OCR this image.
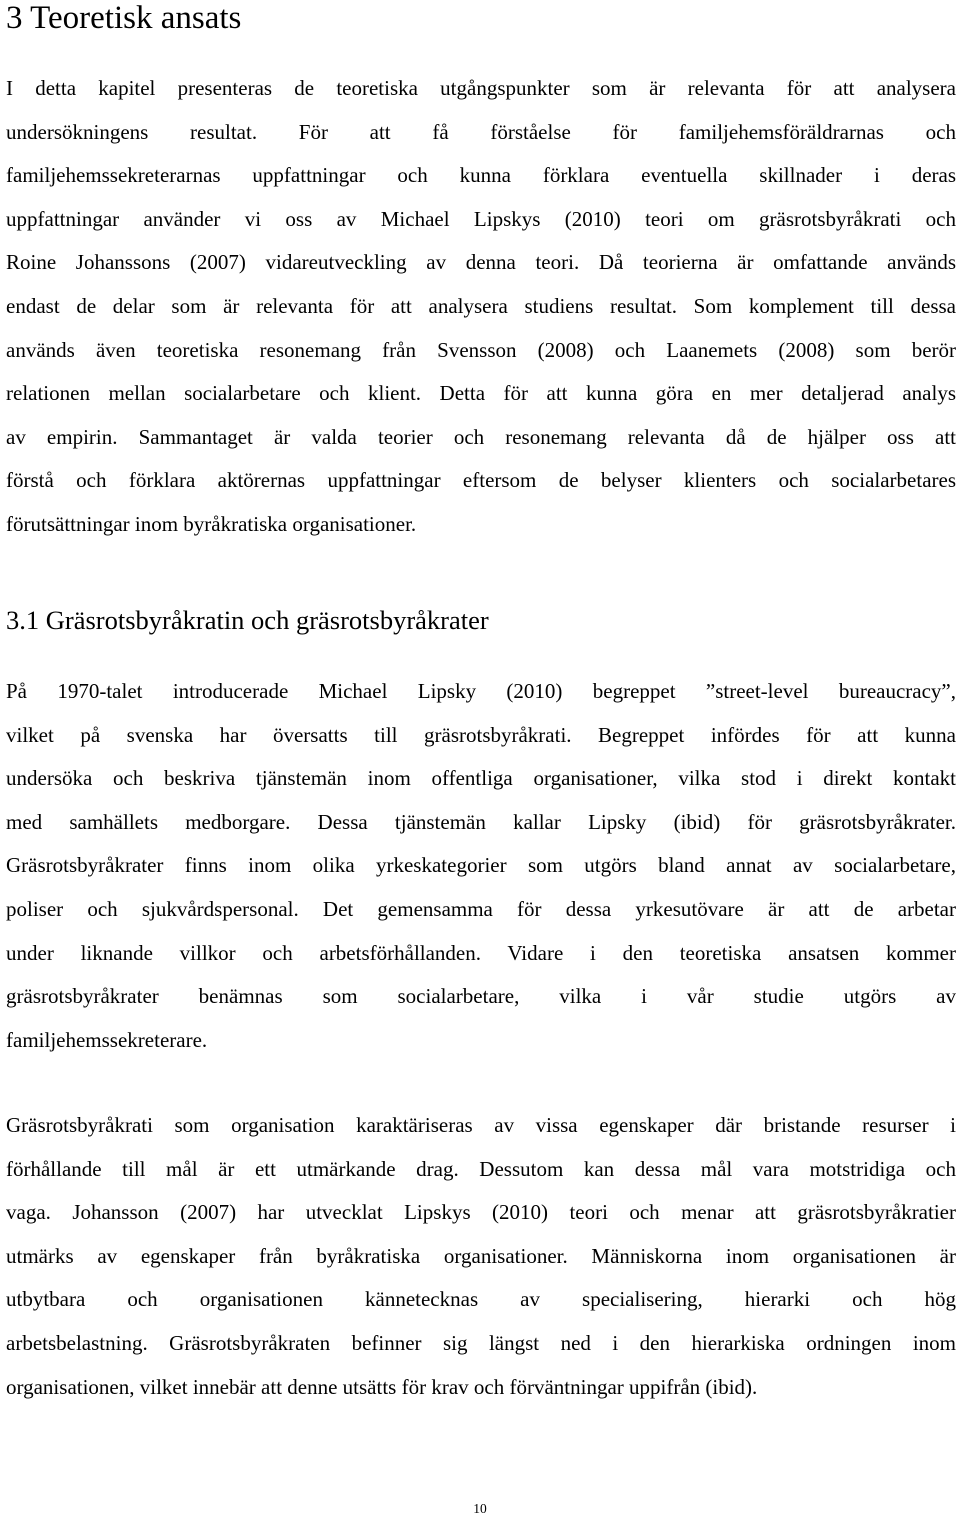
3 Teoretisk ansats
I detta kapitel presenteras de teoretiska utgångspunkter som är relevanta för att analysera
undersökningens resultat. För att få förståelse för familjehemsföräldrarnas och
familjehemssekreterarnas uppfattningar och kunna förklara eventuella skillnader i deras
uppfattningar använder vi oss av Michael Lipskys (2010) teori om gräsrotsbyråkrati och
Roine Johanssons (2007) vidareutveckling av denna teori. Då teorierna är omfattande används
endast de delar som är relevanta för att analysera studiens resultat. Som komplement till dessa
används även teoretiska resonemang från Svensson (2008) och Laanemets (2008) som berör
relationen mellan socialarbetare och klient. Detta för att kunna göra en mer detaljerad analys
av empirin. Sammantaget är valda teorier och resonemang relevanta då de hjälper oss att
förstå och förklara aktörernas uppfattningar eftersom de belyser klienters och socialarbetares
förutsättningar inom byråkratiska organisationer.
3.1 Gräsrotsbyråkratin och gräsrotsbyråkrater
På 1970-talet introducerade Michael Lipsky (2010) begreppet ”street-level bureaucracy”,
vilket på svenska har översatts till gräsrotsbyråkrati. Begreppet infördes för att kunna
undersöka och beskriva tjänstemän inom offentliga organisationer, vilka stod i direkt kontakt
med samhällets medborgare. Dessa tjänstemän kallar Lipsky (ibid) för gräsrotsbyråkrater.
Gräsrotsbyråkrater finns inom olika yrkeskategorier som utgörs bland annat av socialarbetare,
poliser och sjukvårdspersonal. Det gemensamma för dessa yrkesutövare är att de arbetar
under liknande villkor och arbetsförhållanden. Vidare i den teoretiska ansatsen kommer
gräsrotsbyråkrater benämnas som socialarbetare, vilka i vår studie utgörs av
familjehemssekreterare.
Gräsrotsbyråkrati som organisation karaktäriseras av vissa egenskaper där bristande resurser i
förhållande till mål är ett utmärkande drag. Dessutom kan dessa mål vara motstridiga och
vaga. Johansson (2007) har utvecklat Lipskys (2010) teori och menar att gräsrotsbyråkratier
utmärks av egenskaper från byråkratiska organisationer. Människorna inom organisationen är
utbytbara och organisationen kännetecknas av specialisering, hierarki och hög
arbetsbelastning. Gräsrotsbyråkraten befinner sig längst ned i den hierarkiska ordningen inom
organisationen, vilket innebär att denne utsätts för krav och förväntningar uppifrån (ibid).
10
